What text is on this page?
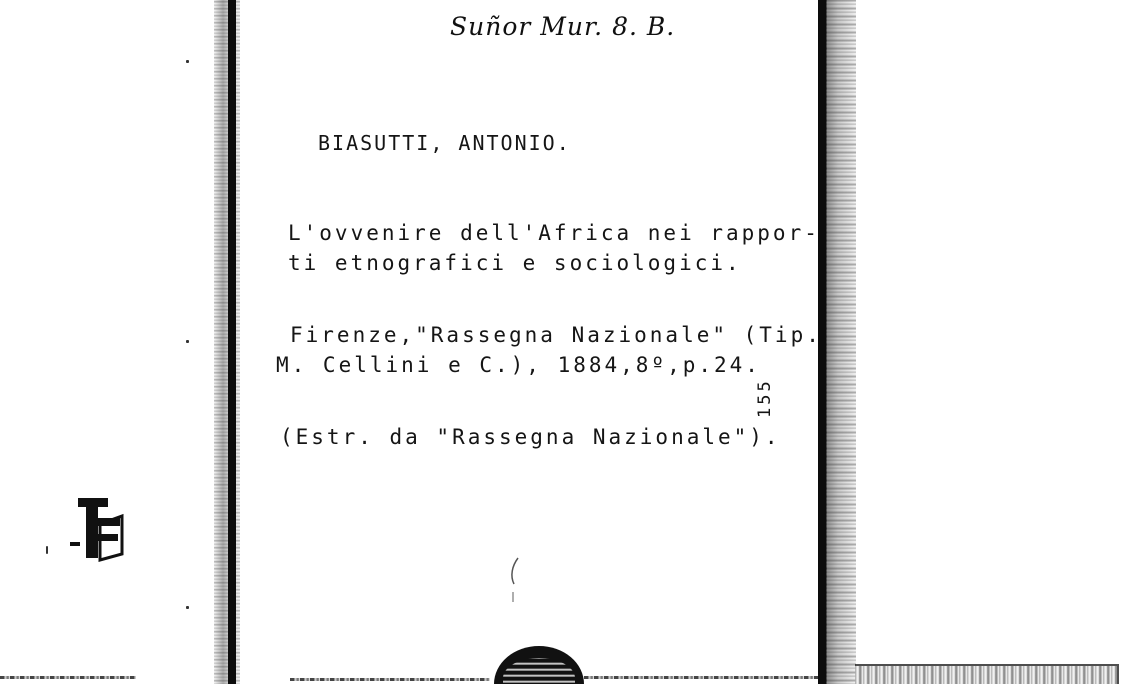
Suñor Mur. 8. B.
BIASUTTI, ANTONIO.
L'ovvenire dell'Africa nei rappor-
ti etnografici e sociologici.
Firenze,"Rassegna Nazionale" (Tip.
M. Cellini e C.), 1884,8º,p.24.
(Estr. da "Rassegna Nazionale").
155
